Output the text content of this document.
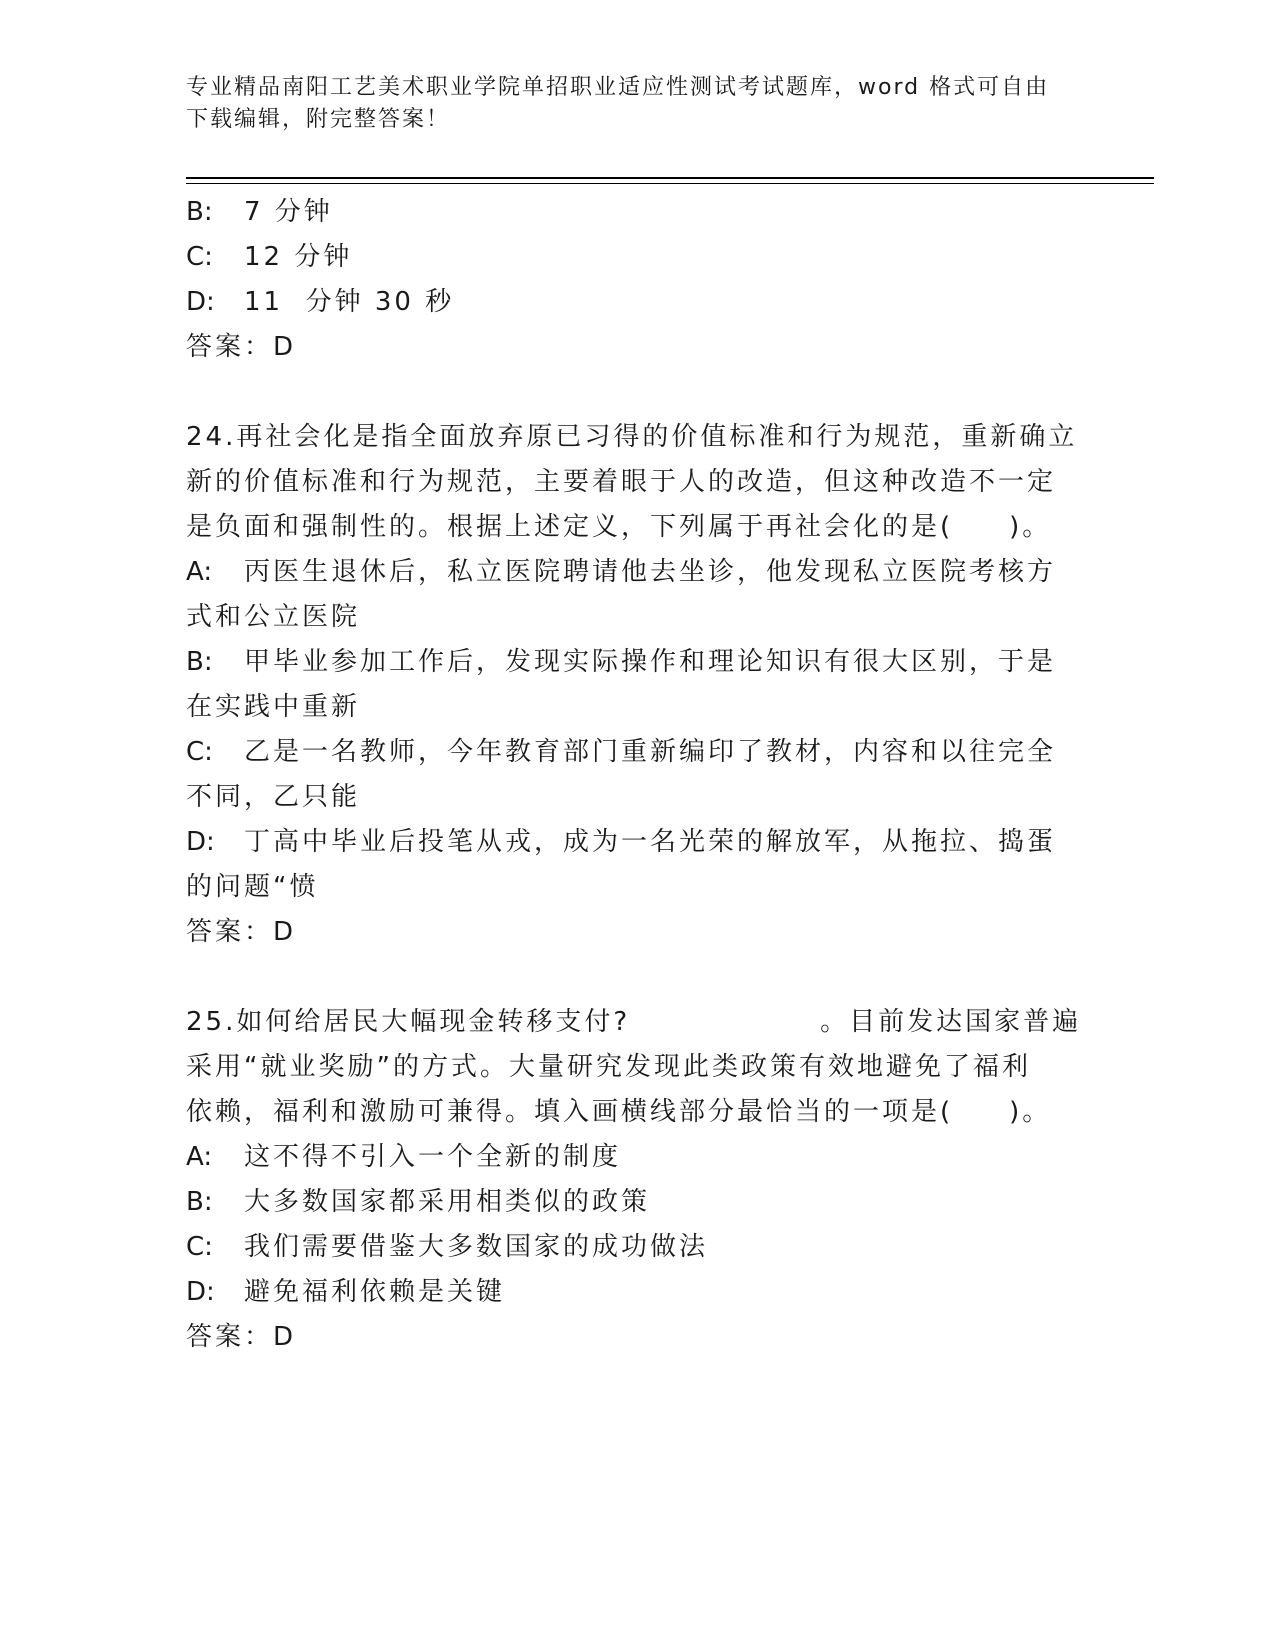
专业精品南阳工艺美术职业学院单招职业适应性测试考试题库，word 格式可自由
下载编辑，附完整答案！
B: 7 分钟
C: 12 分钟
D: 11  分钟 30 秒
答案：D
24.再社会化是指全面放弃原已习得的价值标准和行为规范，重新确立
新的价值标准和行为规范，主要着眼于人的改造，但这种改造不一定
是负面和强制性的。根据上述定义，下列属于再社会化的是( )。
A: 丙医生退休后，私立医院聘请他去坐诊，他发现私立医院考核方
式和公立医院
B: 甲毕业参加工作后，发现实际操作和理论知识有很大区别，于是
在实践中重新
C: 乙是一名教师，今年教育部门重新编印了教材，内容和以往完全
不同，乙只能
D: 丁高中毕业后投笔从戎，成为一名光荣的解放军，从拖拉、捣蛋
的问题“愤
答案：D
25.如何给居民大幅现金转移支付?	。目前发达国家普遍
采用“就业奖励”的方式。大量研究发现此类政策有效地避免了福利
依赖，福利和激励可兼得。填入画横线部分最恰当的一项是( )。
A: 这不得不引入一个全新的制度
B: 大多数国家都采用相类似的政策
C: 我们需要借鉴大多数国家的成功做法
D: 避免福利依赖是关键
答案：D
